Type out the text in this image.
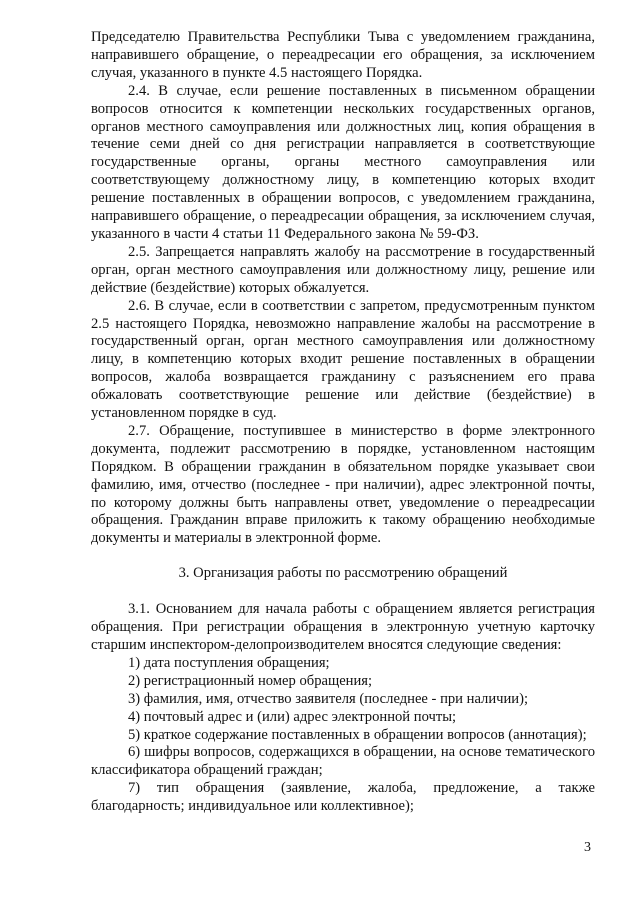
Председателю Правительства Республики Тыва с уведомлением гражданина, направившего обращение, о переадресации его обращения, за исключением случая, указанного в пункте 4.5 настоящего Порядка.

2.4. В случае, если решение поставленных в письменном обращении вопросов относится к компетенции нескольких государственных органов, органов местного самоуправления или должностных лиц, копия обращения в течение семи дней со дня регистрации направляется в соответствующие государственные органы, органы местного самоуправления или соответствующему должностному лицу, в компетенцию которых входит решение поставленных в обращении вопросов, с уведомлением гражданина, направившего обращение, о переадресации обращения, за исключением случая, указанного в части 4 статьи 11 Федерального закона № 59-ФЗ.

2.5. Запрещается направлять жалобу на рассмотрение в государственный орган, орган местного самоуправления или должностному лицу, решение или действие (бездействие) которых обжалуется.

2.6. В случае, если в соответствии с запретом, предусмотренным пунктом 2.5 настоящего Порядка, невозможно направление жалобы на рассмотрение в государственный орган, орган местного самоуправления или должностному лицу, в компетенцию которых входит решение поставленных в обращении вопросов, жалоба возвращается гражданину с разъяснением его права обжаловать соответствующие решение или действие (бездействие) в установленном порядке в суд.

2.7. Обращение, поступившее в министерство в форме электронного документа, подлежит рассмотрению в порядке, установленном настоящим Порядком. В обращении гражданин в обязательном порядке указывает свои фамилию, имя, отчество (последнее - при наличии), адрес электронной почты, по которому должны быть направлены ответ, уведомление о переадресации обращения. Гражданин вправе приложить к такому обращению необходимые документы и материалы в электронной форме.

3. Организация работы по рассмотрению обращений

3.1. Основанием для начала работы с обращением является регистрация обращения. При регистрации обращения в электронную учетную карточку старшим инспектором-делопроизводителем вносятся следующие сведения:

1) дата поступления обращения;

2) регистрационный номер обращения;

3) фамилия, имя, отчество заявителя (последнее - при наличии);

4) почтовый адрес и (или) адрес электронной почты;

5) краткое содержание поставленных в обращении вопросов (аннотация);

6) шифры вопросов, содержащихся в обращении, на основе тематического классификатора обращений граждан;

7) тип обращения (заявление, жалоба, предложение, а также благодарность; индивидуальное или коллективное);

3
